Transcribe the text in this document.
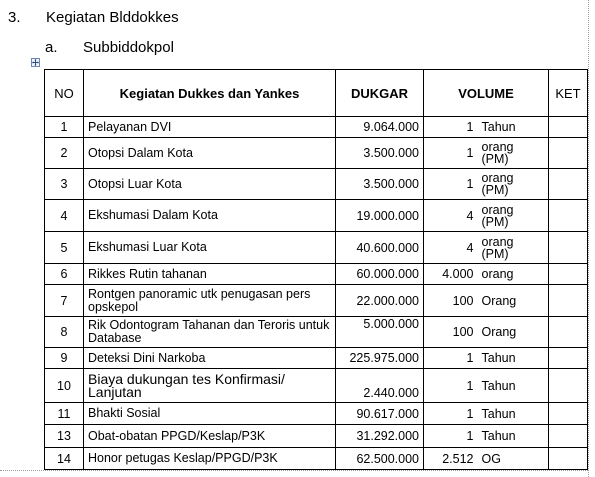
3. Kegiatan Blddokkes
a. Subbiddokpol
NO	Kegiatan Dukkes dan Yankes	DUKGAR	VOLUME		KET
1	Pelayanan DVI	9.064.000	1	Tahun	
2	Otopsi Dalam Kota	3.500.000	1	orang (PM)	
3	Otopsi Luar Kota	3.500.000	1	orang (PM)	
4	Ekshumasi Dalam Kota	19.000.000	4	orang (PM)	
5	Ekshumasi Luar Kota	40.600.000	4	orang (PM)	
6	Rikkes Rutin tahanan	60.000.000	4.000	orang	
7	Rontgen panoramic utk penugasan pers opskepol	22.000.000	100	Orang	
8	Rik Odontogram Tahanan dan Teroris untuk Database	5.000.000	100	Orang	
9	Deteksi Dini Narkoba	225.975.000	1	Tahun	
10	Biaya dukungan tes Konfirmasi/ Lanjutan	2.440.000	1	Tahun	
11	Bhakti Sosial	90.617.000	1	Tahun	
13	Obat-obatan PPGD/Keslap/P3K	31.292.000	1	Tahun	
14	Honor petugas Keslap/PPGD/P3K	62.500.000	2.512	OG	
